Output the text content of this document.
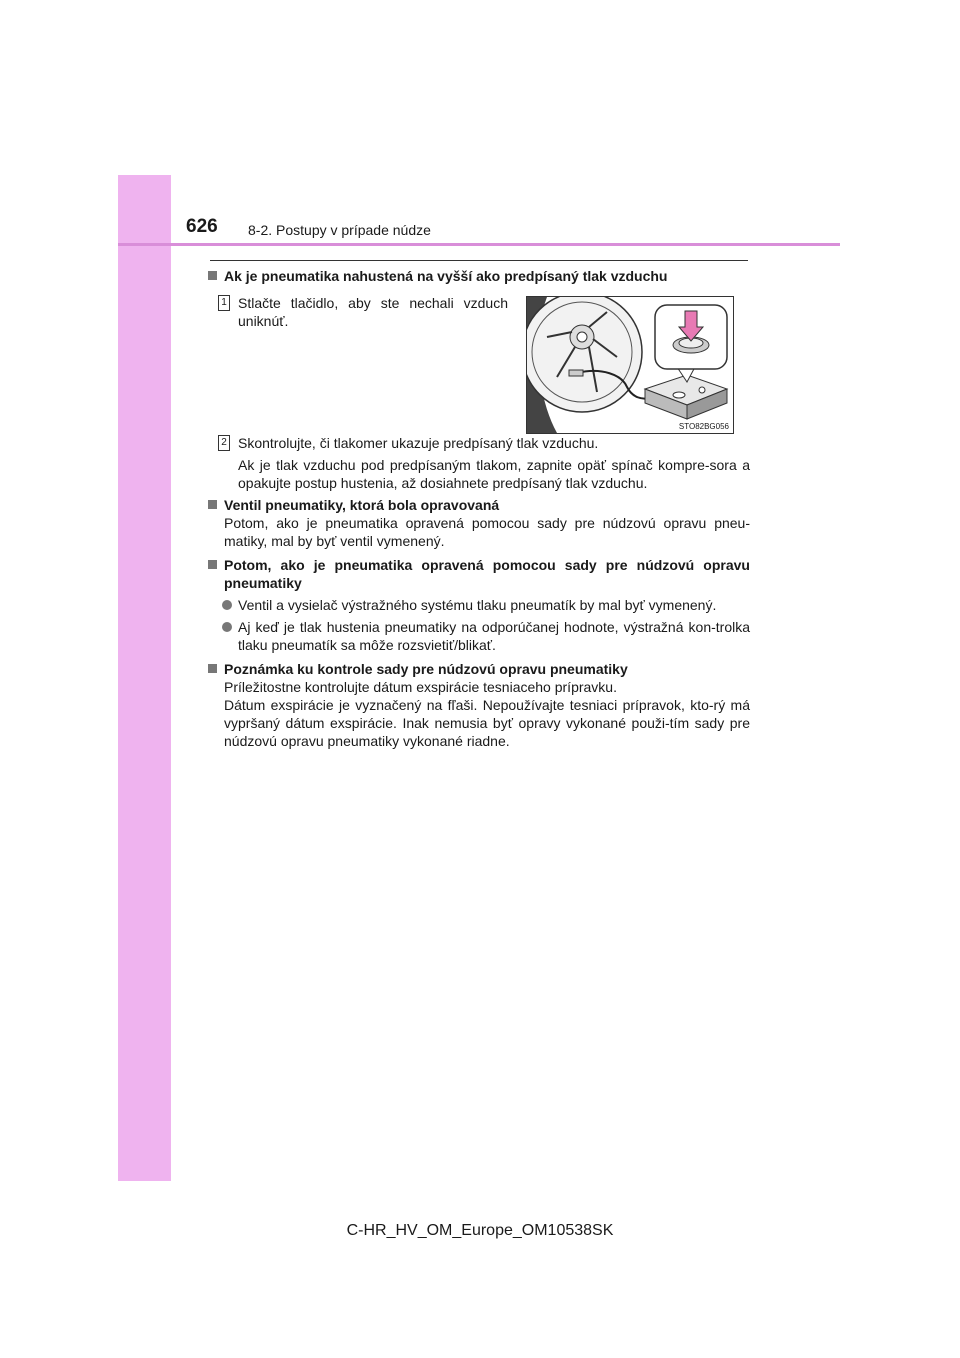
626 8-2. Postupy v prípade núdze

Ak je pneumatika nahustená na vyšší ako predpísaný tlak vzduchu

1 Stlačte tlačidlo, aby ste nechali vzduch uniknúť.
2 Skontrolujte, či tlakomer ukazuje predpísaný tlak vzduchu.
Ak je tlak vzduchu pod predpísaným tlakom, zapnite opäť spínač kompre-sora a opakujte postup hustenia, až dosiahnete predpísaný tlak vzduchu.

Ventil pneumatiky, ktorá bola opravovaná

Potom, ako je pneumatika opravená pomocou sady pre núdzovú opravu pneu-matiky, mal by byť ventil vymenený.

Potom, ako je pneumatika opravená pomocou sady pre núdzovú opravu pneumatiky

Ventil a vysielač výstražného systému tlaku pneumatík by mal byť vymenený.
Aj keď je tlak hustenia pneumatiky na odporúčanej hodnote, výstražná kon-trolka tlaku pneumatík sa môže rozsvietiť/blikať.

Poznámka ku kontrole sady pre núdzovú opravu pneumatiky

Príležitostne kontrolujte dátum exspirácie tesniaceho prípravku.
Dátum exspirácie je vyznačený na fľaši. Nepoužívajte tesniaci prípravok, kto-rý má vypršaný dátum exspirácie. Inak nemusia byť opravy vykonané použi-tím sady pre núdzovú opravu pneumatiky vykonané riadne.
STO82BG056
C-HR_HV_OM_Europe_OM10538SK
